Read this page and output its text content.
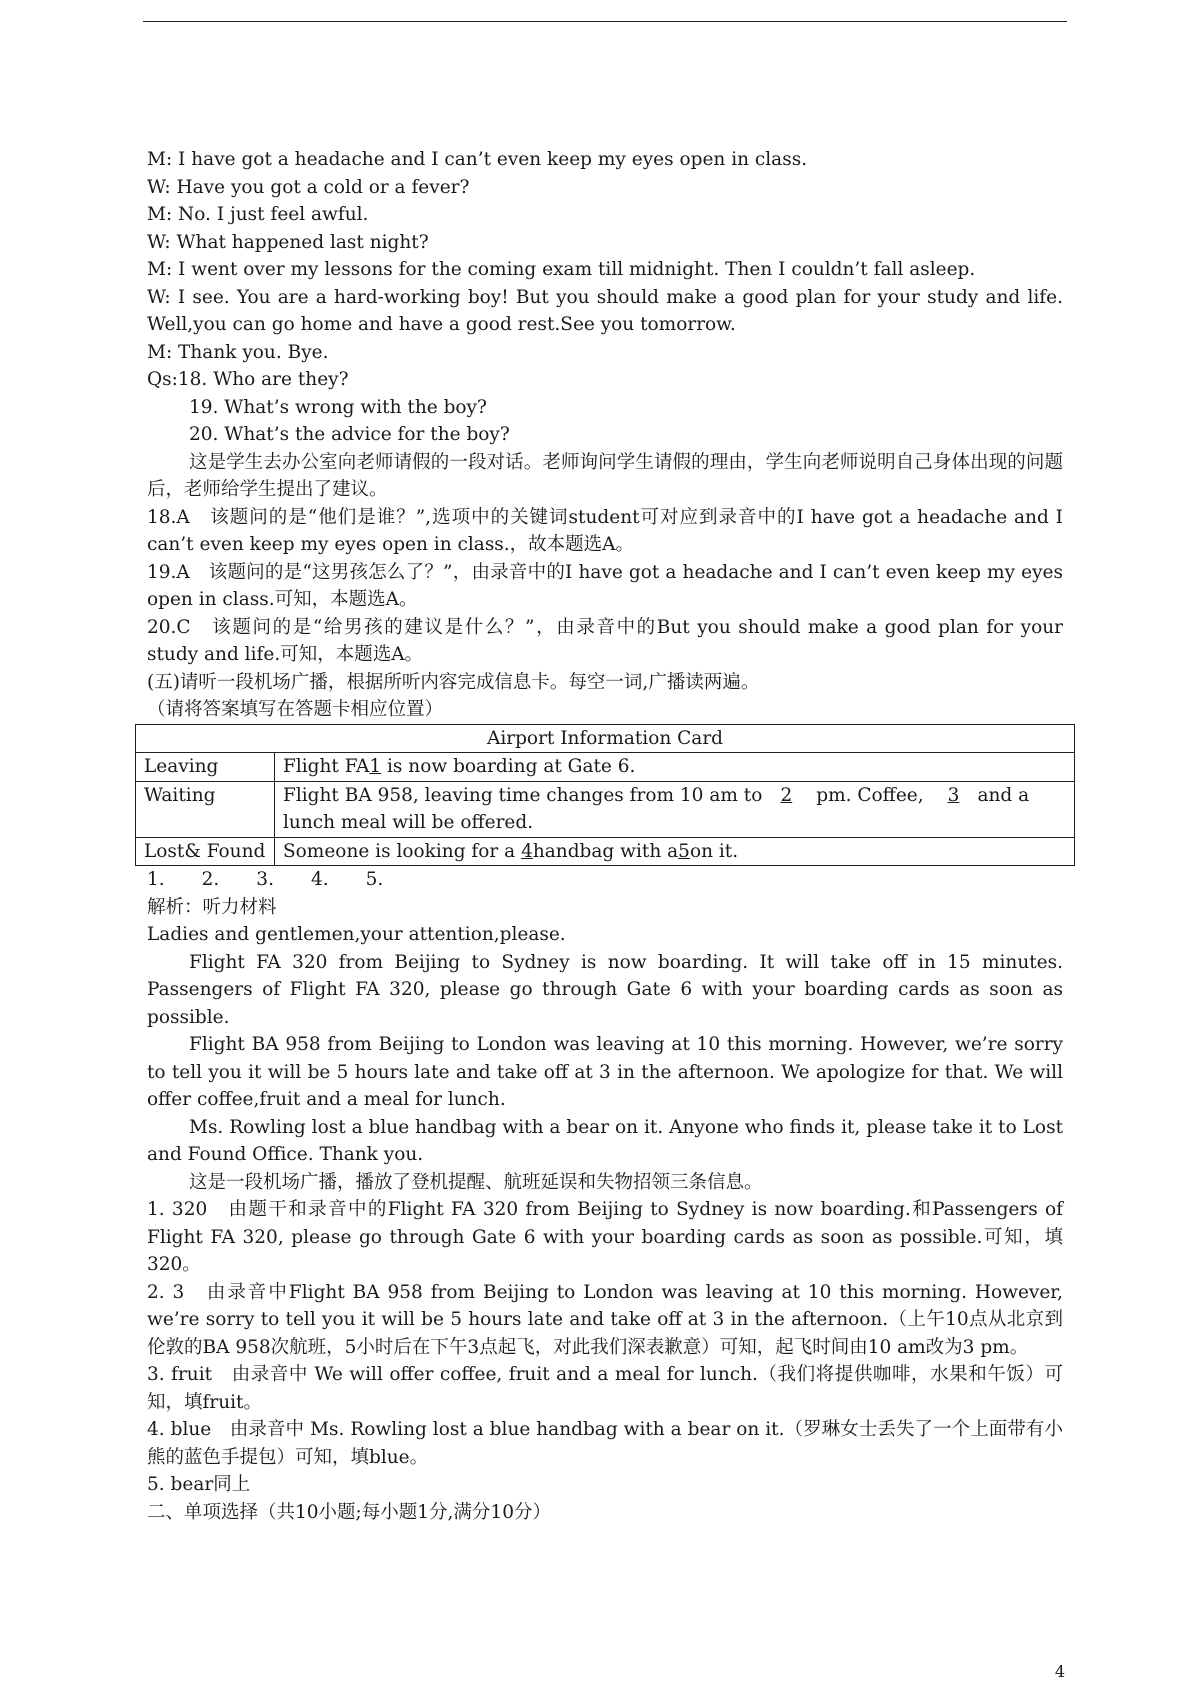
M: I have got a headache and I can’t even keep my eyes open in class.
W: Have you got a cold or a fever?
M: No. I just feel awful.
W: What happened last night?
M: I went over my lessons for the coming exam till midnight. Then I couldn’t fall asleep.
W: I see. You are a hard-working boy! But you should make a good plan for your study and life. Well,you can go home and have a good rest.See you tomorrow.
M: Thank you. Bye.
Qs:18. Who are they?
19. What’s wrong with the boy?
20. What’s the advice for the boy?
这是学生去办公室向老师请假的一段对话。老师询问学生请假的理由，学生向老师说明自己身体出现的问题后，老师给学生提出了建议。
18.A　该题问的是“他们是谁？”,选项中的关键词student可对应到录音中的I have got a headache and I can’t even keep my eyes open in class.，故本题选A。
19.A　该题问的是“这男孩怎么了？”，由录音中的I have got a headache and I can’t even keep my eyes open in class.可知，本题选A。
20.C　该题问的是“给男孩的建议是什么？”，由录音中的But you should make a good plan for your study and life.可知，本题选A。
(五)请听一段机场广播，根据所听内容完成信息卡。每空一词,广播读两遍。
（请将答案填写在答题卡相应位置）
Airport Information Card	
Leaving	Flight FA1 is now boarding at Gate 6.
Waiting	Flight BA 958, leaving time changes from 10 am to 2 pm. Coffee, 3 and a lunch meal will be offered.
Lost& Found	Someone is looking for a 4handbag with a5on it.
1.　　2.　　3.　　4.　　5.
解析：听力材料
Ladies and gentlemen,your attention,please.
Flight FA 320 from Beijing to Sydney is now boarding. It will take off in 15 minutes. Passengers of Flight FA 320, please go through Gate 6 with your boarding cards as soon as possible.
Flight BA 958 from Beijing to London was leaving at 10 this morning. However, we’re sorry to tell you it will be 5 hours late and take off at 3 in the afternoon. We apologize for that. We will offer coffee,fruit and a meal for lunch.
Ms. Rowling lost a blue handbag with a bear on it. Anyone who finds it, please take it to Lost and Found Office. Thank you.
这是一段机场广播，播放了登机提醒、航班延误和失物招领三条信息。
1. 320　由题干和录音中的Flight FA 320 from Beijing to Sydney is now boarding.和Passengers of Flight FA 320, please go through Gate 6 with your boarding cards as soon as possible.可知，填320。
2. 3　由录音中Flight BA 958 from Beijing to London was leaving at 10 this morning. However, we’re sorry to tell you it will be 5 hours late and take off at 3 in the afternoon.（上午10点从北京到伦敦的BA 958次航班，5小时后在下午3点起飞，对此我们深表歉意）可知，起飞时间由10 am改为3 pm。
3. fruit　由录音中 We will offer coffee, fruit and a meal for lunch.（我们将提供咖啡，水果和午饭）可知，填fruit。
4. blue　由录音中 Ms. Rowling lost a blue handbag with a bear on it.（罗琳女士丢失了一个上面带有小熊的蓝色手提包）可知，填blue。
5. bear同上
二、单项选择（共10小题;每小题1分,满分10分）
4
